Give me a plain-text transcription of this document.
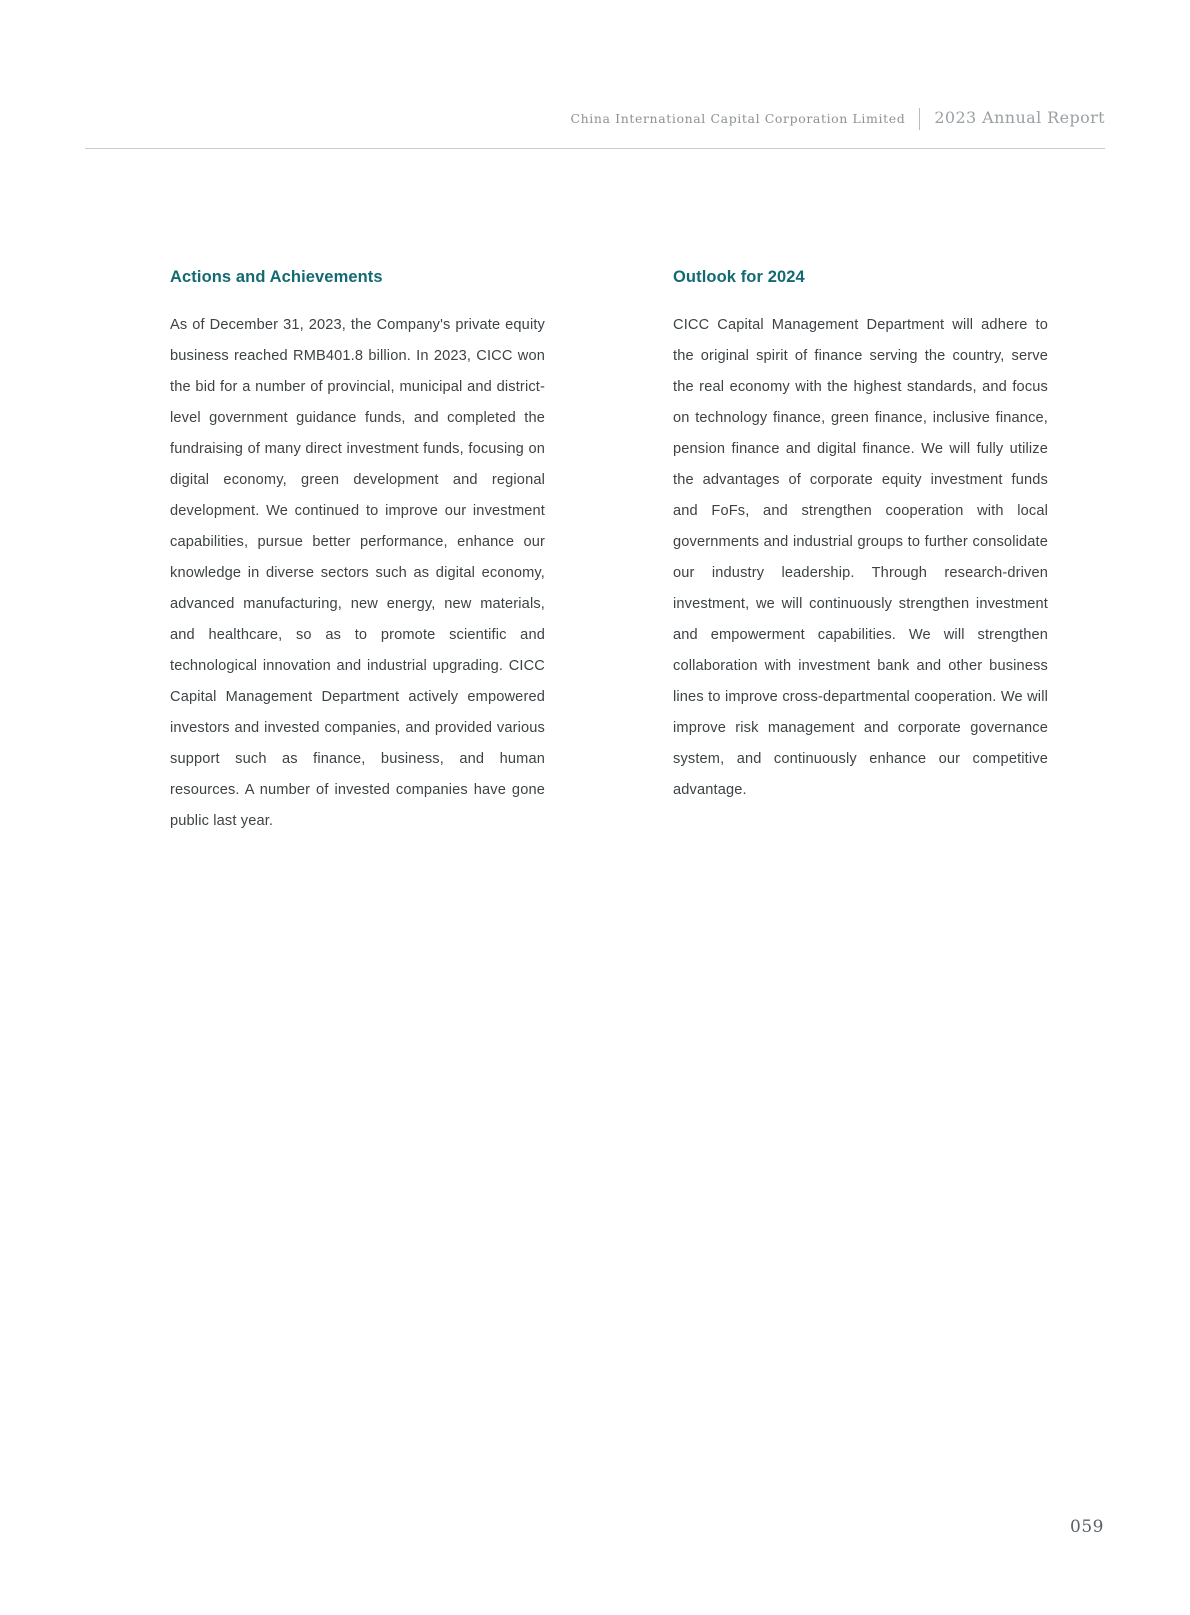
China International Capital Corporation Limited	2023 Annual Report
Actions and Achievements

As of December 31, 2023, the Company's private equity business reached RMB401.8 billion. In 2023, CICC won the bid for a number of provincial, municipal and district-level government guidance funds, and completed the fundraising of many direct investment funds, focusing on digital economy, green development and regional development. We continued to improve our investment capabilities, pursue better performance, enhance our knowledge in diverse sectors such as digital economy, advanced manufacturing, new energy, new materials, and healthcare, so as to promote scientific and technological innovation and industrial upgrading. CICC Capital Management Department actively empowered investors and invested companies, and provided various support such as finance, business, and human resources. A number of invested companies have gone public last year.

Outlook for 2024

CICC Capital Management Department will adhere to the original spirit of finance serving the country, serve the real economy with the highest standards, and focus on technology finance, green finance, inclusive finance, pension finance and digital finance. We will fully utilize the advantages of corporate equity investment funds and FoFs, and strengthen cooperation with local governments and industrial groups to further consolidate our industry leadership. Through research-driven investment, we will continuously strengthen investment and empowerment capabilities. We will strengthen collaboration with investment bank and other business lines to improve cross-departmental cooperation. We will improve risk management and corporate governance system, and continuously enhance our competitive advantage.

059
